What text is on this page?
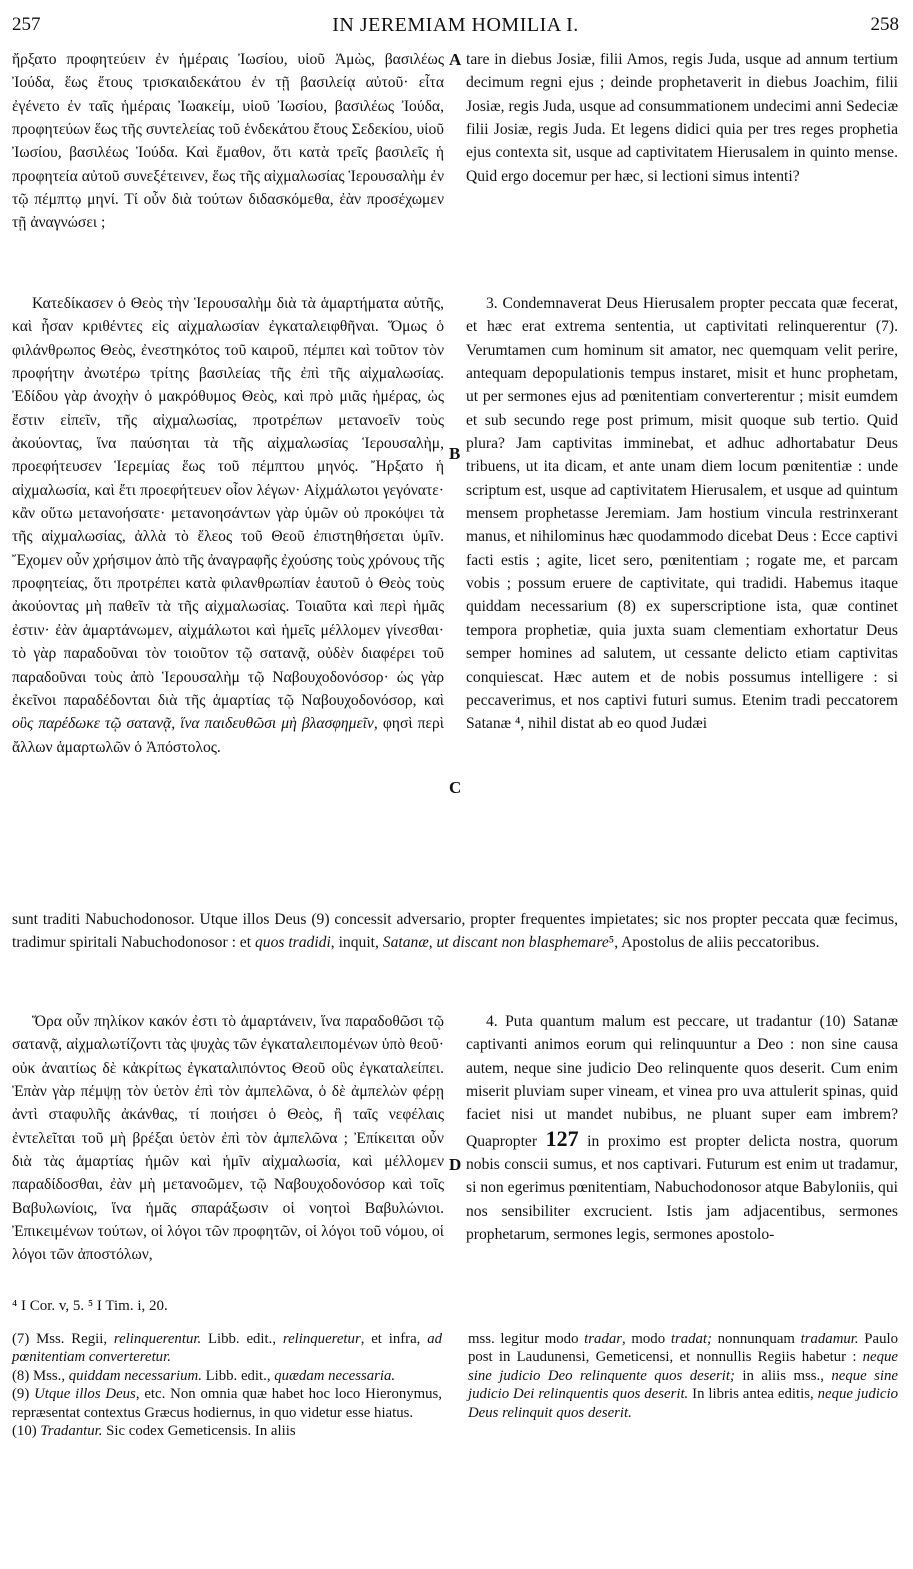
257	IN JEREMIAM HOMILIA I.	258

ἤρξατο προφητεύειν ἐν ἡμέραις Ἰωσίου, υἱοῦ Ἀμὼς, βασιλέως Ἰούδα, ἕως ἔτους τρισκαιδεκάτου ἐν τῇ βασιλείᾳ αὐτοῦ· εἶτα ἐγένετο ἐν ταῖς ἡμέραις Ἰωακείμ, υἱοῦ Ἰωσίου, βασιλέως Ἰούδα, προφητεύων ἕως τῆς συντελείας τοῦ ἑνδεκάτου ἔτους Σεδεκίου, υἱοῦ Ἰωσίου, βασιλέως Ἰούδα. Καὶ ἔμαθον, ὅτι κατὰ τρεῖς βασιλεῖς ἡ προφητεία αὐτοῦ συνεξέτεινεν, ἕως τῆς αἰχμαλωσίας Ἱερουσαλὴμ ἐν τῷ πέμπτῳ μηνί. Τί οὖν διὰ τούτων διδασκόμεθα, ἐὰν προσέχωμεν τῇ ἀναγνώσει ;

Κατεδίκασεν ὁ Θεὸς τὴν Ἱερουσαλὴμ διὰ τὰ ἁμαρτήματα αὐτῆς, καὶ ἦσαν κριθέντες εἰς αἰχμαλωσίαν ἐγκαταλειφθῆναι. Ὅμως ὁ φιλάνθρωπος Θεὸς, ἐνεστηκότος τοῦ καιροῦ, πέμπει καὶ τοῦτον τὸν προφήτην ἀνωτέρω τρίτης βασιλείας τῆς ἐπὶ τῆς αἰχμαλωσίας. Ἐδίδου γὰρ ἀνοχὴν ὁ μακρόθυμος Θεὸς, καὶ πρὸ μιᾶς ἡμέρας, ὡς ἔστιν εἰπεῖν, τῆς αἰχμαλωσίας, προτρέπων μετανοεῖν τοὺς ἀκούοντας, ἵνα παύσηται τὰ τῆς αἰχμαλωσίας Ἱερουσαλὴμ, προεφήτευσεν Ἱερεμίας ἕως τοῦ πέμπτου μηνός. Ἤρξατο ἡ αἰχμαλωσία, καὶ ἔτι προεφήτευεν οἷον λέγων· Αἰχμάλωτοι γεγόνατε· κἂν οὕτω μετανοήσατε· μετανοησάντων γὰρ ὑμῶν οὐ προκόψει τὰ τῆς αἰχμαλωσίας, ἀλλὰ τὸ ἔλεος τοῦ Θεοῦ ἐπιστηθήσεται ὑμῖν. Ἔχομεν οὖν χρήσιμον ἀπὸ τῆς ἀναγραφῆς ἐχούσης τοὺς χρόνους τῆς προφητείας, ὅτι προτρέπει κατὰ φιλανθρωπίαν ἑαυτοῦ ὁ Θεὸς τοὺς ἀκούοντας μὴ παθεῖν τὰ τῆς αἰχμαλωσίας. Τοιαῦτα καὶ περὶ ἡμᾶς ἐστιν· ἐὰν ἁμαρτάνωμεν, αἰχμάλωτοι καὶ ἡμεῖς μέλλομεν γίνεσθαι· τὸ γὰρ παραδοῦναι τὸν τοιοῦτον τῷ σατανᾷ, οὐδὲν διαφέρει τοῦ παραδοῦναι τοὺς ἀπὸ Ἱερουσαλὴμ τῷ Ναβουχοδονόσορ· ὡς γὰρ ἐκεῖνοι παραδέδονται διὰ τῆς ἁμαρτίας τῷ Ναβουχοδονόσορ, καὶ οὓς παρέδωκε τῷ σατανᾷ, ἵνα παιδευθῶσι μὴ βλασφημεῖν, φησὶ περὶ ἄλλων ἁμαρτωλῶν ὁ Ἀπόστολος.

tare in diebus Josiæ, filii Amos, regis Juda, usque ad annum tertium decimum regni ejus ; deinde prophetaverit in diebus Joachim, filii Josiæ, regis Juda, usque ad consummationem undecimi anni Sedeciæ filii Josiæ, regis Juda. Et legens didici quia per tres reges prophetia ejus contexta sit, usque ad captivitatem Hierusalem in quinto mense. Quid ergo docemur per hæc, si lectioni simus intenti?

3. Condemnaverat Deus Hierusalem propter peccata quæ fecerat, et hæc erat extrema sententia, ut captivitati relinquerentur (7). Verumtamen cum hominum sit amator, nec quemquam velit perire, antequam depopulationis tempus instaret, misit et hunc prophetam, ut per sermones ejus ad pœnitentiam converterentur ; misit eumdem et sub secundo rege post primum, misit quoque sub tertio. Quid plura? Jam captivitas imminebat, et adhuc adhortabatur Deus tribuens, ut ita dicam, et ante unam diem locum pœnitentiæ : unde scriptum est, usque ad captivitatem Hierusalem, et usque ad quintum mensem prophetasse Jeremiam. Jam hostium vincula restrinxerant manus, et nihilominus hæc quodammodo dicebat Deus : Ecce captivi facti estis ; agite, licet sero, pœnitentiam ; rogate me, et parcam vobis ; possum eruere de captivitate, qui tradidi. Habemus itaque quiddam necessarium (8) ex superscriptione ista, quæ continet tempora prophetiæ, quia juxta suam clementiam exhortatur Deus semper homines ad salutem, ut cessante delicto etiam captivitas conquiescat. Hæc autem et de nobis possumus intelligere : si peccaverimus, et nos captivi futuri sumus. Etenim tradi peccatorem Satanæ ⁴, nihil distat ab eo quod Judæi

sunt traditi Nabuchodonosor. Utque illos Deus (9) concessit adversario, propter frequentes impietates; sic nos propter peccata quæ fecimus, tradimur spiritali Nabuchodonosor : et quos tradidi, inquit, Satanæ, ut discant non blasphemare⁵, Apostolus de aliis peccatoribus.

Ὅρα οὖν πηλίκον κακόν ἐστι τὸ ἁμαρτάνειν, ἵνα παραδοθῶσι τῷ σατανᾷ, αἰχμαλωτίζοντι τὰς ψυχὰς τῶν ἐγκαταλειπομένων ὑπὸ θεοῦ· οὐκ ἀναιτίως δὲ κἀκρίτως ἐγκαταλιπόντος Θεοῦ οὓς ἐγκαταλείπει. Ἐπὰν γὰρ πέμψῃ τὸν ὑετὸν ἐπὶ τὸν ἀμπελῶνα, ὁ δὲ ἀμπελὼν φέρῃ ἀντὶ σταφυλῆς ἀκάνθας, τί ποιήσει ὁ Θεὸς, ἢ ταῖς νεφέλαις ἐντελεῖται τοῦ μὴ βρέξαι ὑετὸν ἐπὶ τὸν ἀμπελῶνα ; Ἐπίκειται οὖν διὰ τὰς ἁμαρτίας ἡμῶν καὶ ἡμῖν αἰχμαλωσία, καὶ μέλλομεν παραδίδοσθαι, ἐὰν μὴ μετανοῶμεν, τῷ Ναβουχοδονόσορ καὶ τοῖς Βαβυλωνίοις, ἵνα ἡμᾶς σπαράξωσιν οἱ νοητοὶ Βαβυλώνιοι. Ἐπικειμένων τούτων, οἱ λόγοι τῶν προφητῶν, οἱ λόγοι τοῦ νόμου, οἱ λόγοι τῶν ἀποστόλων,

4. Puta quantum malum est peccare, ut tradantur (10) Satanæ captivanti animos eorum qui relinquuntur a Deo : non sine causa autem, neque sine judicio Deo relinquente quos deserit. Cum enim miserit pluviam super vineam, et vinea pro uva attulerit spinas, quid faciet nisi ut mandet nubibus, ne pluant super eam imbrem? Quapropter 127 in proximo est propter delicta nostra, quorum nobis conscii sumus, et nos captivari. Futurum est enim ut tradamur, si non egerimus pœnitentiam, Nabuchodonosor atque Babyloniis, qui nos sensibiliter excrucient. Istis jam adjacentibus, sermones prophetarum, sermones legis, sermones apostolo-

A
B
C
D
⁴ I Cor. v, 5. ⁵ I Tim. i, 20.

(7) Mss. Regii, relinquerentur. Libb. edit., relinqueretur, et infra, ad pœnitentiam converteretur.

(8) Mss., quiddam necessarium. Libb. edit., quædam necessaria.

(9) Utque illos Deus, etc. Non omnia quæ habet hoc loco Hieronymus, repræsentat contextus Græcus hodiernus, in quo videtur esse hiatus.

(10) Tradantur. Sic codex Gemeticensis. In aliis

mss. legitur modo tradar, modo tradat; nonnunquam tradamur. Paulo post in Laudunensi, Gemeticensi, et nonnullis Regiis habetur : neque sine judicio Deo relinquente quos deserit; in aliis mss., neque sine judicio Dei relinquentis quos deserit. In libris antea editis, neque judicio Deus relinquit quos deserit.
